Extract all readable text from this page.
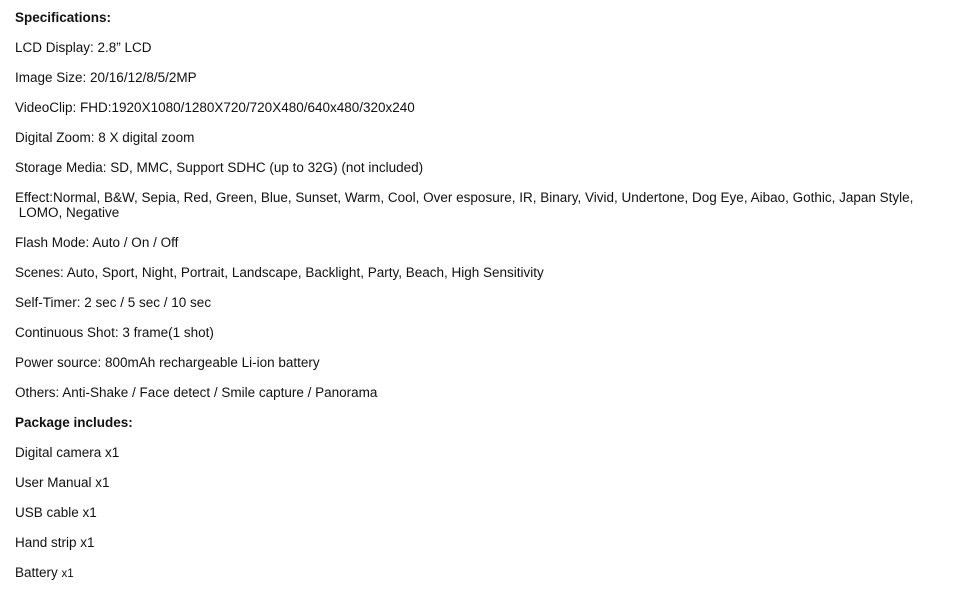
Specifications:

LCD Display: 2.8” LCD

Image Size: 20/16/12/8/5/2MP

VideoClip: FHD:1920X1080/1280X720/720X480/640x480/320x240

Digital Zoom: 8 X digital zoom

Storage Media: SD, MMC, Support SDHC (up to 32G) (not included)

Effect:Normal, B&W, Sepia, Red, Green, Blue, Sunset, Warm, Cool, Over esposure, IR, Binary, Vivid, Undertone, Dog Eye, Aibao, Gothic, Japan Style,

LOMO, Negative

Flash Mode: Auto / On / Off

Scenes: Auto, Sport, Night, Portrait, Landscape, Backlight, Party, Beach, High Sensitivity

Self-Timer: 2 sec / 5 sec / 10 sec

Continuous Shot: 3 frame(1 shot)

Power source: 800mAh rechargeable Li-ion battery

Others: Anti-Shake / Face detect / Smile capture / Panorama

Package includes:

Digital camera x1

User Manual x1

USB cable x1

Hand strip x1

Battery x1
